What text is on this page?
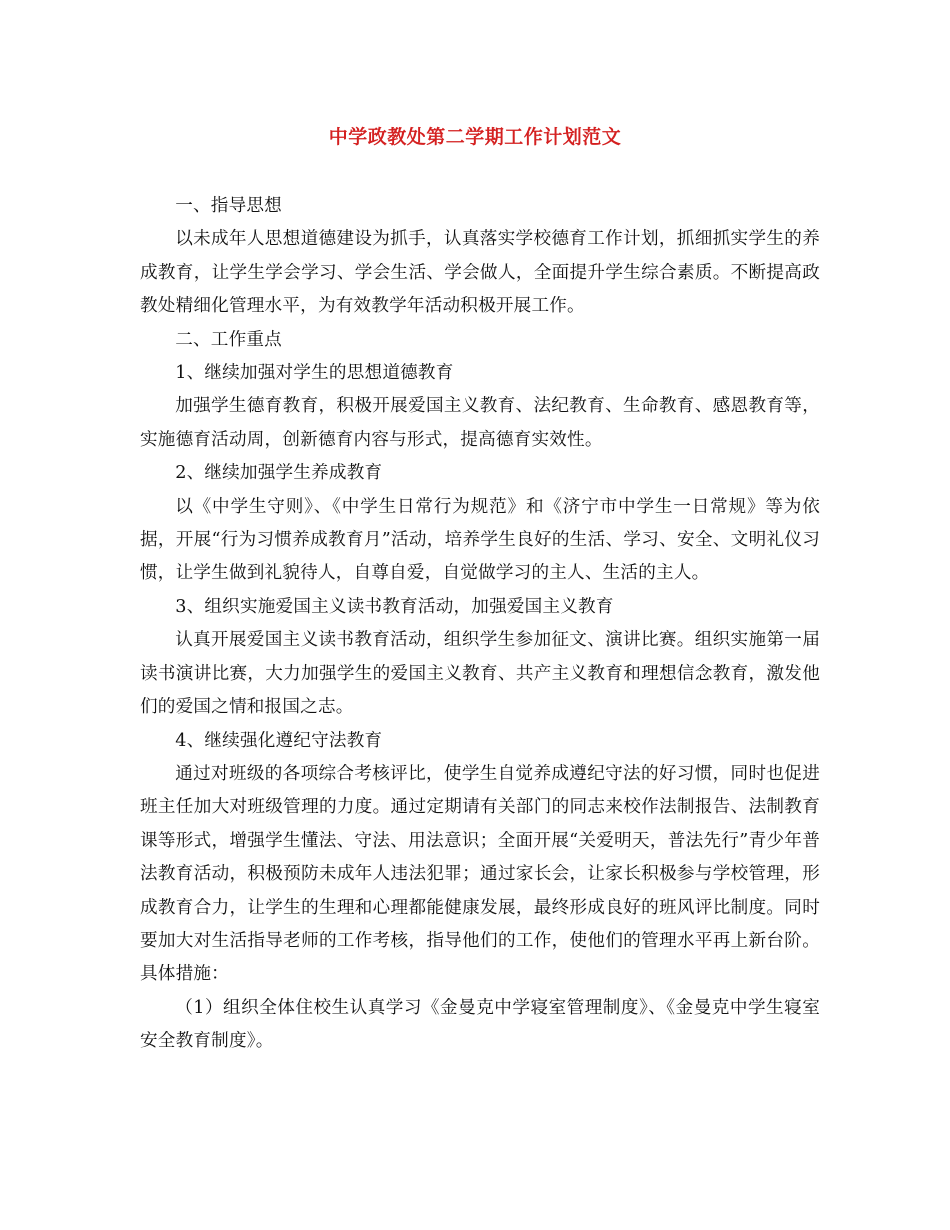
中学政教处第二学期工作计划范文

一、指导思想

以未成年人思想道德建设为抓手，认真落实学校德育工作计划，抓细抓实学生的养成教育，让学生学会学习、学会生活、学会做人，全面提升学生综合素质。不断提高政教处精细化管理水平，为有效教学年活动积极开展工作。

二、工作重点

1、继续加强对学生的思想道德教育

加强学生德育教育，积极开展爱国主义教育、法纪教育、生命教育、感恩教育等，实施德育活动周，创新德育内容与形式，提高德育实效性。

2、继续加强学生养成教育

以《中学生守则》、《中学生日常行为规范》和《济宁市中学生一日常规》等为依据，开展“行为习惯养成教育月”活动，培养学生良好的生活、学习、安全、文明礼仪习惯，让学生做到礼貌待人，自尊自爱，自觉做学习的主人、生活的主人。

3、组织实施爱国主义读书教育活动，加强爱国主义教育

认真开展爱国主义读书教育活动，组织学生参加征文、演讲比赛。组织实施第一届读书演讲比赛，大力加强学生的爱国主义教育、共产主义教育和理想信念教育，激发他们的爱国之情和报国之志。

4、继续强化遵纪守法教育

通过对班级的各项综合考核评比，使学生自觉养成遵纪守法的好习惯，同时也促进班主任加大对班级管理的力度。通过定期请有关部门的同志来校作法制报告、法制教育课等形式，增强学生懂法、守法、用法意识；全面开展“关爱明天，普法先行”青少年普法教育活动，积极预防未成年人违法犯罪；通过家长会，让家长积极参与学校管理，形成教育合力，让学生的生理和心理都能健康发展，最终形成良好的班风评比制度。同时要加大对生活指导老师的工作考核，指导他们的工作，使他们的管理水平再上新台阶。具体措施：

（1）组织全体住校生认真学习《金曼克中学寝室管理制度》、《金曼克中学生寝室安全教育制度》。
